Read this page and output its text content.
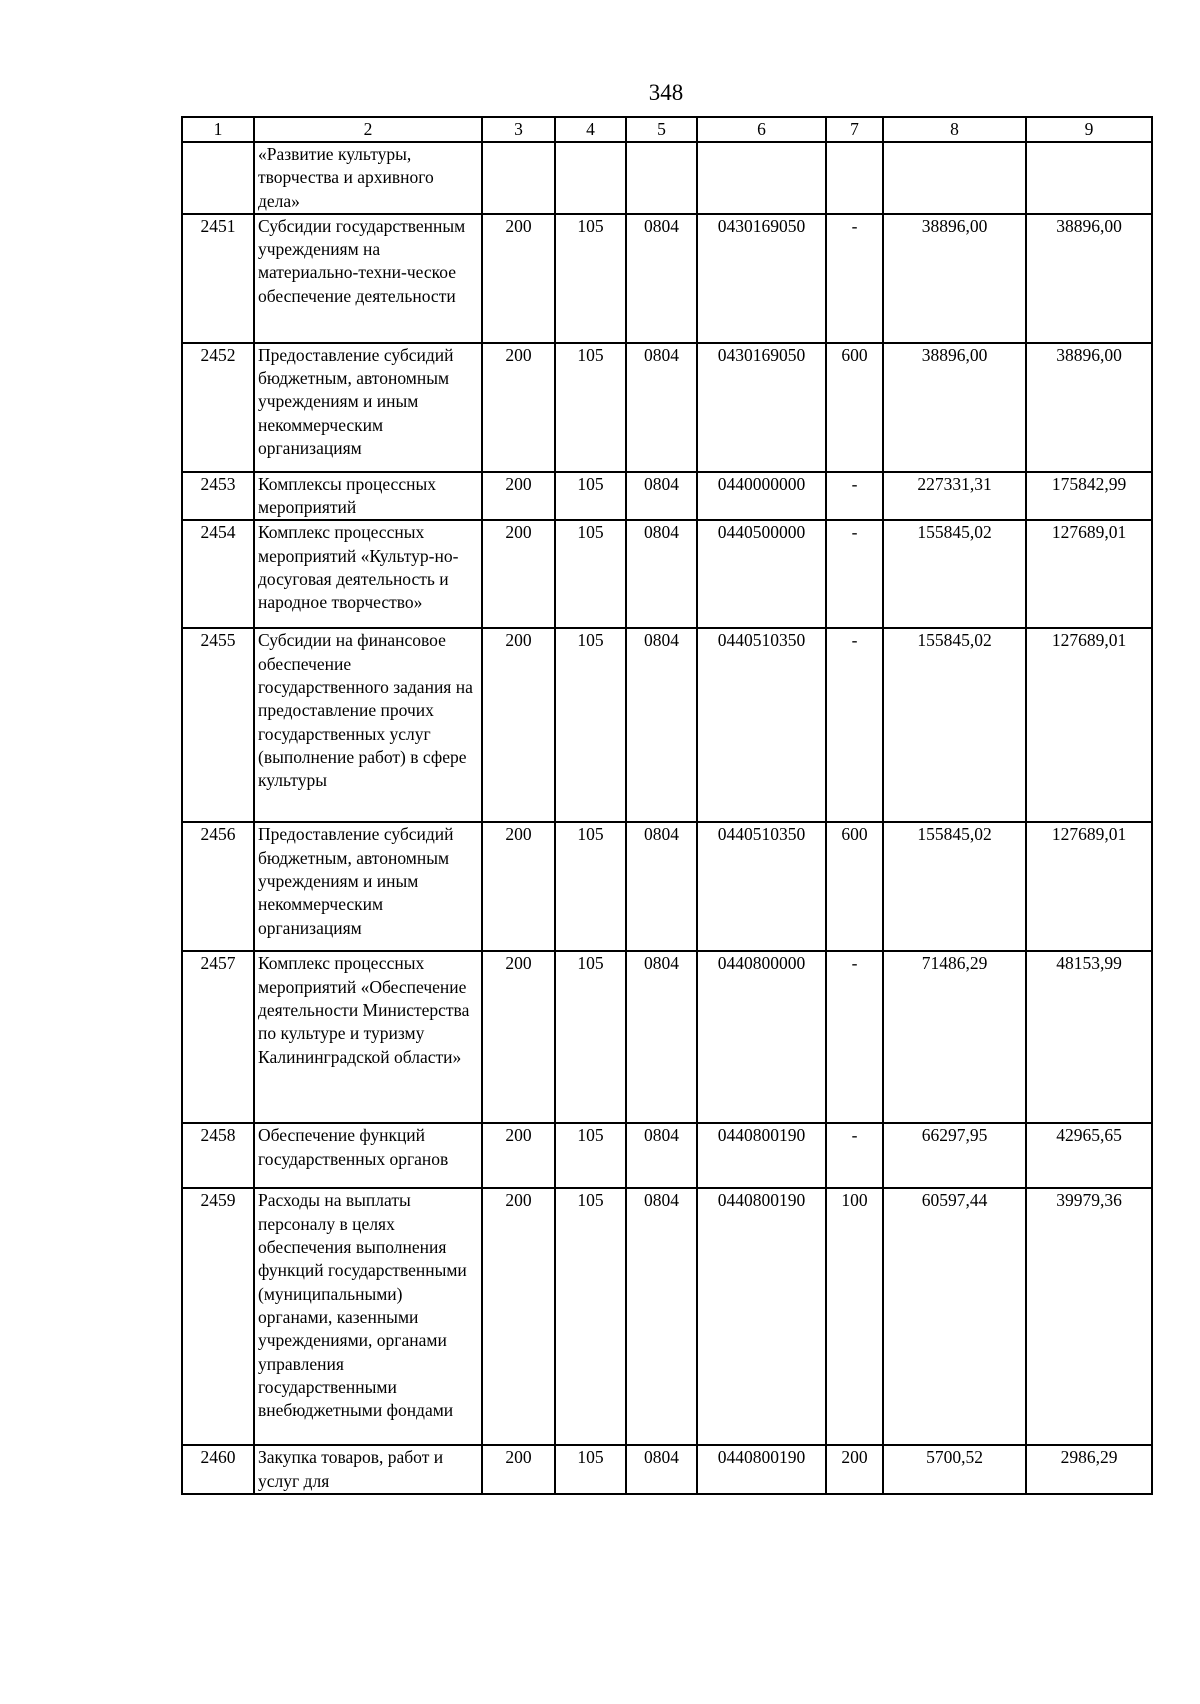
348
1	2	3	4	5	6	7	8	9
	«Развитие культуры, творчества и архивного дела»							
2451	Субсидии государственным учреждениям на материально-техни-ческое обеспечение деятельности	200	105	0804	0430169050	-	38896,00	38896,00
2452	Предоставление субсидий бюджетным, автономным учреждениям и иным некоммерческим организациям	200	105	0804	0430169050	600	38896,00	38896,00
2453	Комплексы процессных мероприятий	200	105	0804	0440000000	-	227331,31	175842,99
2454	Комплекс процессных мероприятий «Культур-но-досуговая деятельность и народное творчество»	200	105	0804	0440500000	-	155845,02	127689,01
2455	Субсидии на финансовое обеспечение государственного задания на предоставление прочих государственных услуг (выполнение работ) в сфере культуры	200	105	0804	0440510350	-	155845,02	127689,01
2456	Предоставление субсидий бюджетным, автономным учреждениям и иным некоммерческим организациям	200	105	0804	0440510350	600	155845,02	127689,01
2457	Комплекс процессных мероприятий «Обеспечение деятельности Министерства по культуре и туризму Калининградской области»	200	105	0804	0440800000	-	71486,29	48153,99
2458	Обеспечение функций государственных органов	200	105	0804	0440800190	-	66297,95	42965,65
2459	Расходы на выплаты персоналу в целях обеспечения выполнения функций государственными (муниципальными) органами, казенными учреждениями, органами управления государственными внебюджетными фондами	200	105	0804	0440800190	100	60597,44	39979,36
2460	Закупка товаров, работ и услуг для	200	105	0804	0440800190	200	5700,52	2986,29
